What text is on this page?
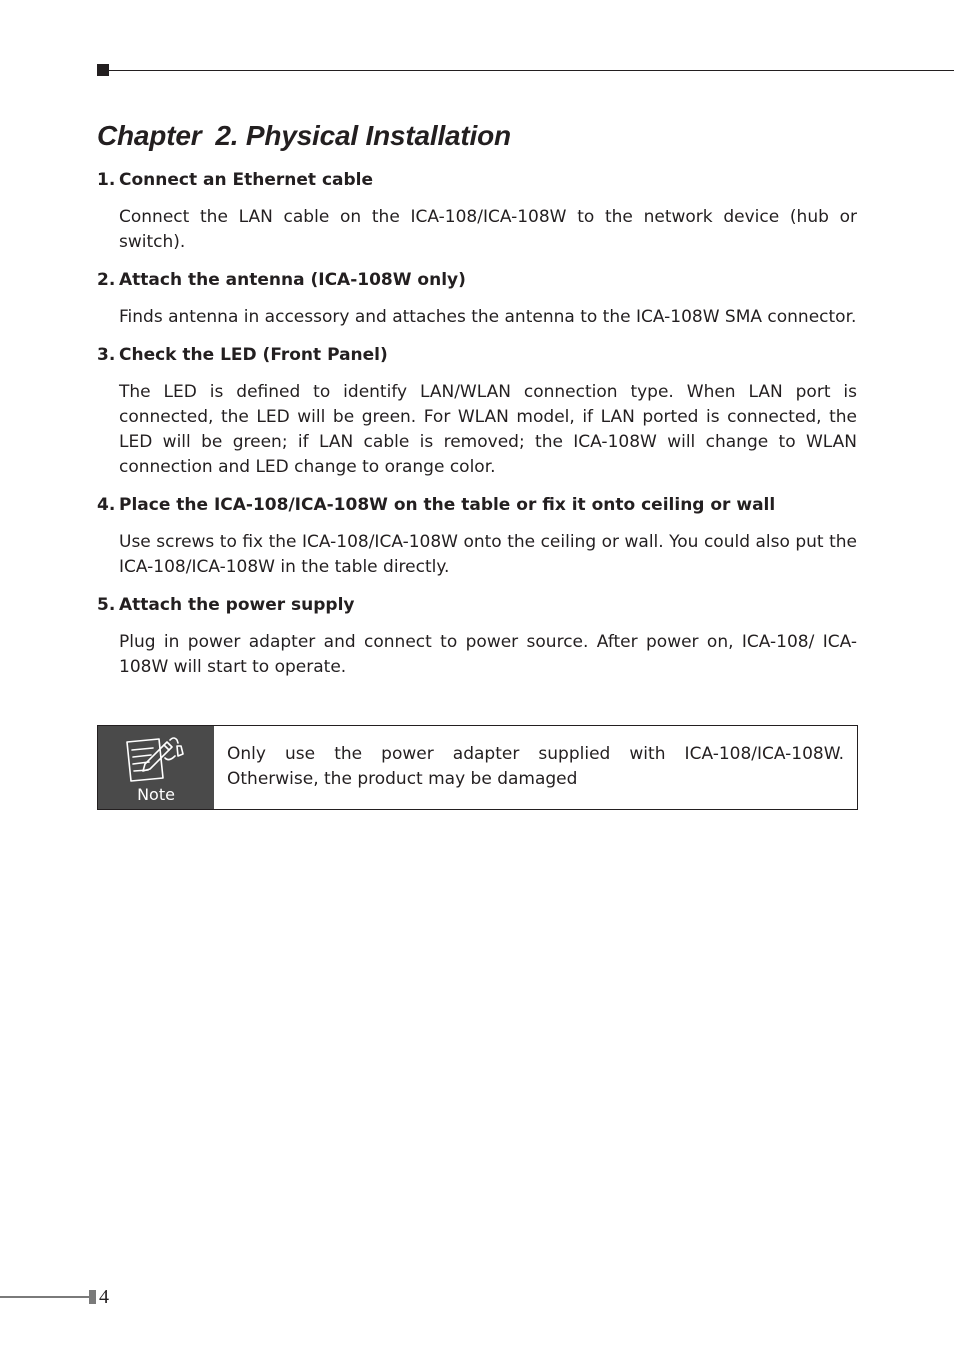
Chapter 2. Physical Installation
1. Connect an Ethernet cable
Connect the LAN cable on the ICA-108/ICA-108W to the network device (hub or switch).
2. Attach the antenna (ICA-108W only)
Finds antenna in accessory and attaches the antenna to the ICA-108W SMA connector.
3. Check the LED (Front Panel)
The LED is defined to identify LAN/WLAN connection type. When LAN port is connected, the LED will be green. For WLAN model, if LAN ported is connected, the LED will be green; if LAN cable is removed; the ICA-108W will change to WLAN connection and LED change to orange color.
4. Place the ICA-108/ICA-108W on the table or fix it onto ceiling or wall
Use screws to fix the ICA-108/ICA-108W onto the ceiling or wall. You could also put the ICA-108/ICA-108W in the table directly.
5. Attach the power supply
Plug in power adapter and connect to power source. After power on, ICA-108/ ICA-108W will start to operate.
Note
Only use the power adapter supplied with ICA-108/ICA-108W. Otherwise, the product may be damaged
4
